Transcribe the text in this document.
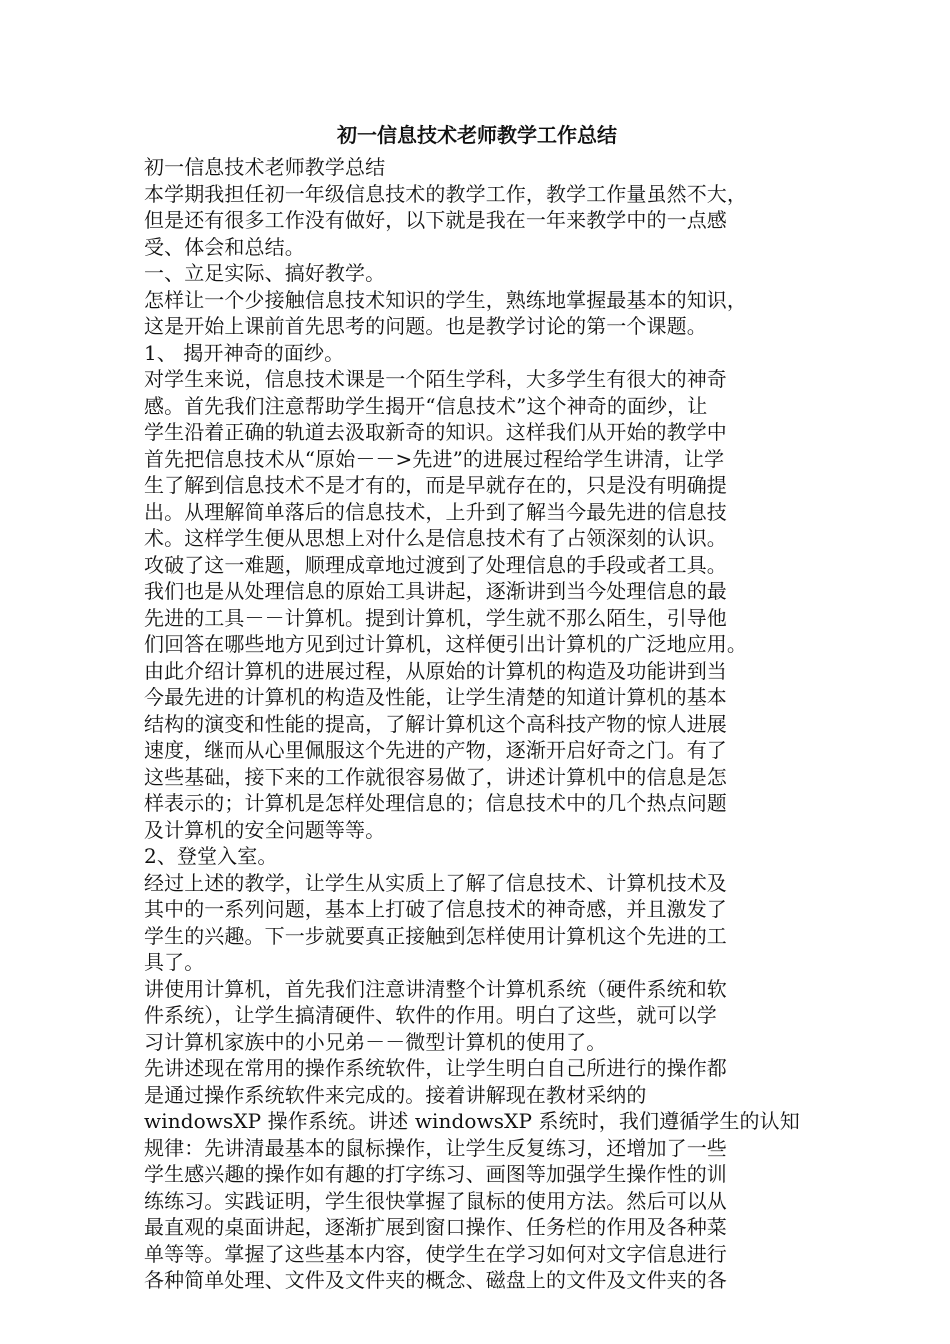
初一信息技术老师教学工作总结

初一信息技术老师教学总结

本学期我担任初一年级信息技术的教学工作，教学工作量虽然不大，

但是还有很多工作没有做好，以下就是我在一年来教学中的一点感

受、体会和总结。

一、立足实际、搞好教学。

怎样让一个少接触信息技术知识的学生，熟练地掌握最基本的知识，

这是开始上课前首先思考的问题。也是教学讨论的第一个课题。

1、 揭开神奇的面纱。

对学生来说，信息技术课是一个陌生学科，大多学生有很大的神奇

感。首先我们注意帮助学生揭开“信息技术”这个神奇的面纱，让

学生沿着正确的轨道去汲取新奇的知识。这样我们从开始的教学中

首先把信息技术从“原始－－>先进”的进展过程给学生讲清，让学

生了解到信息技术不是才有的，而是早就存在的，只是没有明确提

出。从理解简单落后的信息技术，上升到了解当今最先进的信息技

术。这样学生便从思想上对什么是信息技术有了占领深刻的认识。

攻破了这一难题，顺理成章地过渡到了处理信息的手段或者工具。

我们也是从处理信息的原始工具讲起，逐渐讲到当今处理信息的最

先进的工具－－计算机。提到计算机，学生就不那么陌生，引导他

们回答在哪些地方见到过计算机，这样便引出计算机的广泛地应用。

由此介绍计算机的进展过程，从原始的计算机的构造及功能讲到当

今最先进的计算机的构造及性能，让学生清楚的知道计算机的基本

结构的演变和性能的提高，了解计算机这个高科技产物的惊人进展

速度，继而从心里佩服这个先进的产物，逐渐开启好奇之门。有了

这些基础，接下来的工作就很容易做了，讲述计算机中的信息是怎

样表示的；计算机是怎样处理信息的；信息技术中的几个热点问题

及计算机的安全问题等等。

2、登堂入室。

经过上述的教学，让学生从实质上了解了信息技术、计算机技术及

其中的一系列问题，基本上打破了信息技术的神奇感，并且激发了

学生的兴趣。下一步就要真正接触到怎样使用计算机这个先进的工

具了。

讲使用计算机，首先我们注意讲清整个计算机系统（硬件系统和软

件系统），让学生搞清硬件、软件的作用。明白了这些，就可以学

习计算机家族中的小兄弟－－微型计算机的使用了。

先讲述现在常用的操作系统软件，让学生明白自己所进行的操作都

是通过操作系统软件来完成的。接着讲解现在教材采纳的

windowsXP 操作系统。讲述 windowsXP 系统时，我们遵循学生的认知

规律：先讲清最基本的鼠标操作，让学生反复练习，还增加了一些

学生感兴趣的操作如有趣的打字练习、画图等加强学生操作性的训

练练习。实践证明，学生很快掌握了鼠标的使用方法。然后可以从

最直观的桌面讲起，逐渐扩展到窗口操作、任务栏的作用及各种菜

单等等。掌握了这些基本内容，使学生在学习如何对文字信息进行

各种简单处理、文件及文件夹的概念、磁盘上的文件及文件夹的各
